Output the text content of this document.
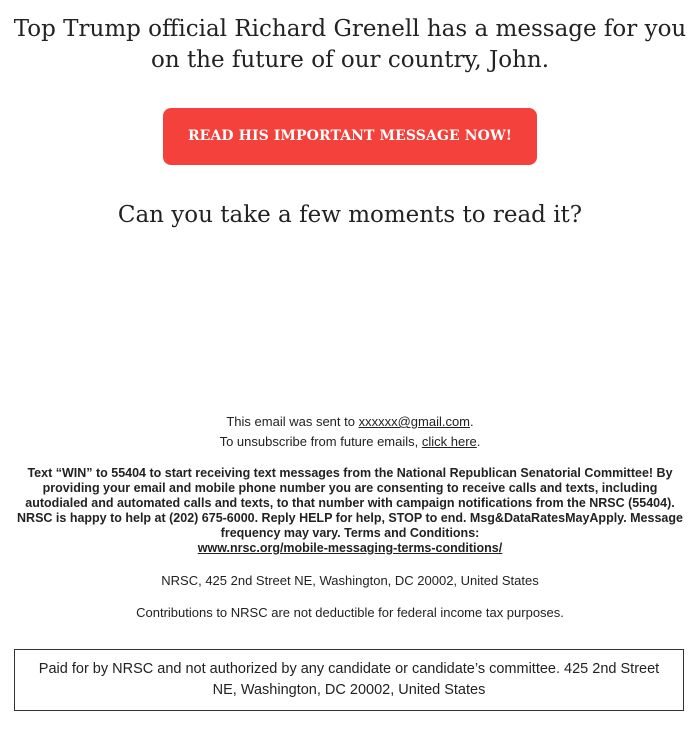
Top Trump official Richard Grenell has a message for you
on the future of our country, John.
READ HIS IMPORTANT MESSAGE NOW!
Can you take a few moments to read it?

This email was sent to xxxxxx@gmail.com.

To unsubscribe from future emails, click here.

Text “WIN” to 55404 to start receiving text messages from the National Republican Senatorial Committee! By providing your email and mobile phone number you are consenting to receive calls and texts, including autodialed and automated calls and texts, to that number with campaign notifications from the NRSC (55404). NRSC is happy to help at (202) 675-6000. Reply HELP for help, STOP to end. Msg&DataRatesMayApply. Message frequency may vary. Terms and Conditions:
www.nrsc.org/mobile-messaging-terms-conditions/

NRSC, 425 2nd Street NE, Washington, DC 20002, United States

Contributions to NRSC are not deductible for federal income tax purposes.

Paid for by NRSC and not authorized by any candidate or candidate’s committee. 425 2nd Street NE, Washington, DC 20002, United States
